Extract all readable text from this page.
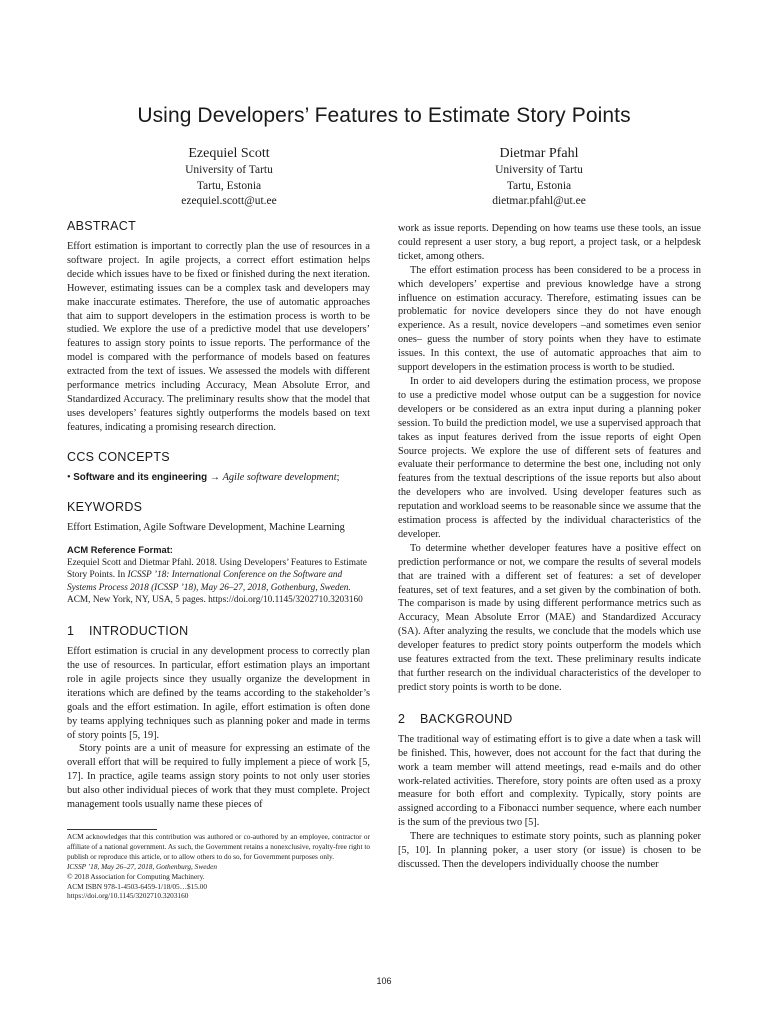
Using Developers’ Features to Estimate Story Points
Ezequiel Scott
University of Tartu
Tartu, Estonia
ezequiel.scott@ut.ee
Dietmar Pfahl
University of Tartu
Tartu, Estonia
dietmar.pfahl@ut.ee
ABSTRACT

Effort estimation is important to correctly plan the use of resources in a software project. In agile projects, a correct effort estimation helps decide which issues have to be fixed or finished during the next iteration. However, estimating issues can be a complex task and developers may make inaccurate estimates. Therefore, the use of automatic approaches that aim to support developers in the estimation process is worth to be studied. We explore the use of a predictive model that use developers’ features to assign story points to issue reports. The performance of the model is compared with the performance of models based on features extracted from the text of issues. We assessed the models with different performance metrics including Accuracy, Mean Absolute Error, and Standardized Accuracy. The preliminary results show that the model that uses developers’ features sightly outperforms the models based on text features, indicating a promising research direction.

CCS CONCEPTS
• Software and its engineering → Agile software development;
KEYWORDS
Effort Estimation, Agile Software Development, Machine Learning
ACM Reference Format:
Ezequiel Scott and Dietmar Pfahl. 2018. Using Developers’ Features to Estimate Story Points. In ICSSP ’18: International Conference on the Software and Systems Process 2018 (ICSSP ’18), May 26–27, 2018, Gothenburg, Sweden. ACM, New York, NY, USA, 5 pages. https://doi.org/10.1145/3202710.3203160
1 INTRODUCTION

Effort estimation is crucial in any development process to correctly plan the use of resources. In particular, effort estimation plays an important role in agile projects since they usually organize the development in iterations which are defined by the teams according to the stakeholder’s goals and the effort estimation. In agile, effort estimation is often done by teams applying techniques such as planning poker and made in terms of story points [5, 19].

Story points are a unit of measure for expressing an estimate of the overall effort that will be required to fully implement a piece of work [5, 17]. In practice, agile teams assign story points to not only user stories but also other individual pieces of work that they must complete. Project management tools usually name these pieces of

ACM acknowledges that this contribution was authored or co-authored by an employee, contractor or affiliate of a national government. As such, the Government retains a nonexclusive, royalty-free right to publish or reproduce this article, or to allow others to do so, for Government purposes only.
ICSSP ’18, May 26–27, 2018, Gothenburg, Sweden
© 2018 Association for Computing Machinery.
ACM ISBN 978-1-4503-6459-1/18/05…$15.00
https://doi.org/10.1145/3202710.3203160

work as issue reports. Depending on how teams use these tools, an issue could represent a user story, a bug report, a project task, or a helpdesk ticket, among others.

The effort estimation process has been considered to be a process in which developers’ expertise and previous knowledge have a strong influence on estimation accuracy. Therefore, estimating issues can be problematic for novice developers since they do not have enough experience. As a result, novice developers –and sometimes even senior ones– guess the number of story points when they have to estimate issues. In this context, the use of automatic approaches that aim to support developers in the estimation process is worth to be studied.

In order to aid developers during the estimation process, we propose to use a predictive model whose output can be a suggestion for novice developers or be considered as an extra input during a planning poker session. To build the prediction model, we use a supervised approach that takes as input features derived from the issue reports of eight Open Source projects. We explore the use of different sets of features and evaluate their performance to determine the best one, including not only features from the textual descriptions of the issue reports but also about the developers who are involved. Using developer features such as reputation and workload seems to be reasonable since we assume that the estimation process is affected by the individual characteristics of the developer.

To determine whether developer features have a positive effect on prediction performance or not, we compare the results of several models that are trained with a different set of features: a set of developer features, set of text features, and a set given by the combination of both. The comparison is made by using different performance metrics such as Accuracy, Mean Absolute Error (MAE) and Standardized Accuracy (SA). After analyzing the results, we conclude that the models which use developer features to predict story points outperform the models which use features extracted from the text. These preliminary results indicate that further research on the individual characteristics of the developer to predict story points is worth to be done.

2 BACKGROUND

The traditional way of estimating effort is to give a date when a task will be finished. This, however, does not account for the fact that during the work a team member will attend meetings, read e-mails and do other work-related activities. Therefore, story points are often used as a proxy measure for both effort and complexity. Typically, story points are assigned according to a Fibonacci number sequence, where each number is the sum of the previous two [5].

There are techniques to estimate story points, such as planning poker [5, 10]. In planning poker, a user story (or issue) is chosen to be discussed. Then the developers individually choose the number

106
